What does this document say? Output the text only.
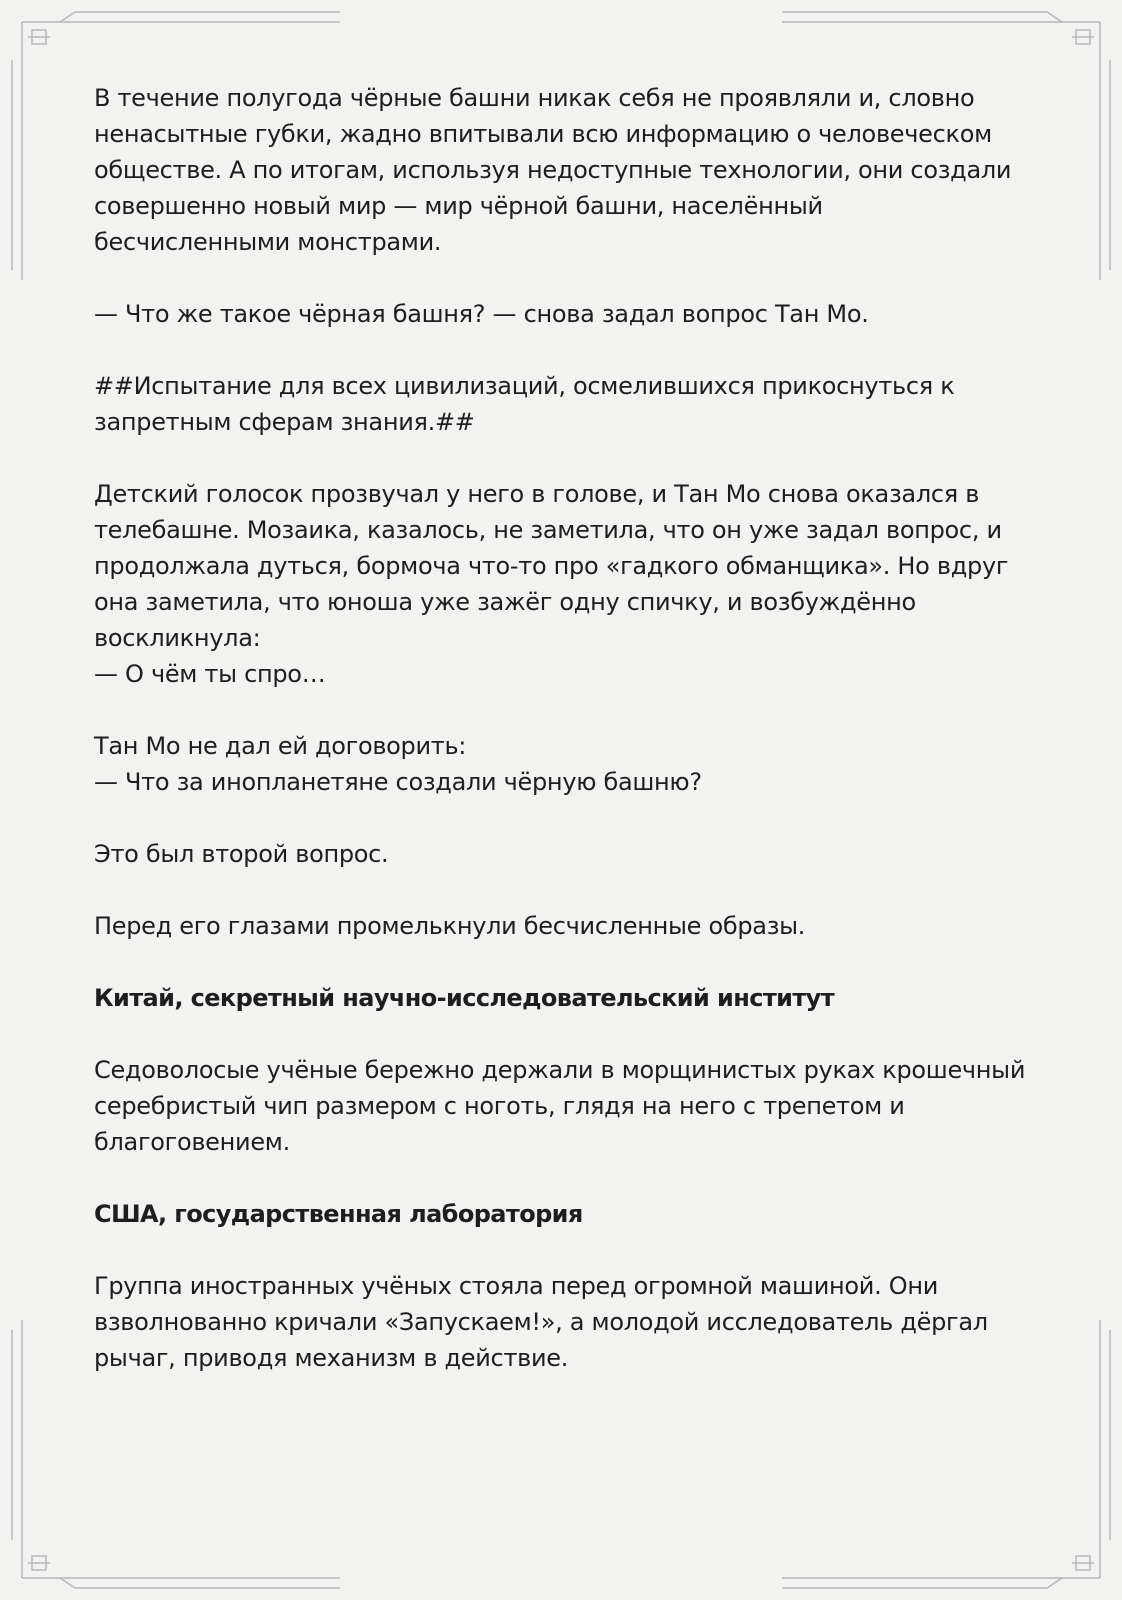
В течение полугода чёрные башни никак себя не проявляли и, словно
ненасытные губки, жадно впитывали всю информацию о человеческом
обществе. А по итогам, используя недоступные технологии, они создали
совершенно новый мир — мир чёрной башни, населённый
бесчисленными монстрами.

— Что же такое чёрная башня? — снова задал вопрос Тан Мо.

##Испытание для всех цивилизаций, осмелившихся прикоснуться к
запретным сферам знания.##

Детский голосок прозвучал у него в голове, и Тан Мо снова оказался в
телебашне. Мозаика, казалось, не заметила, что он уже задал вопрос, и
продолжала дуться, бормоча что-то про «гадкого обманщика». Но вдруг
она заметила, что юноша уже зажёг одну спичку, и возбуждённо
воскликнула:
— О чём ты спро…

Тан Мо не дал ей договорить:
— Что за инопланетяне создали чёрную башню?

Это был второй вопрос.

Перед его глазами промелькнули бесчисленные образы.

Китай, секретный научно-исследовательский институт

Седоволосые учёные бережно держали в морщинистых руках крошечный
серебристый чип размером с ноготь, глядя на него с трепетом и
благоговением.

США, государственная лаборатория

Группа иностранных учёных стояла перед огромной машиной. Они
взволнованно кричали «Запускаем!», а молодой исследователь дёргал
рычаг, приводя механизм в действие.
